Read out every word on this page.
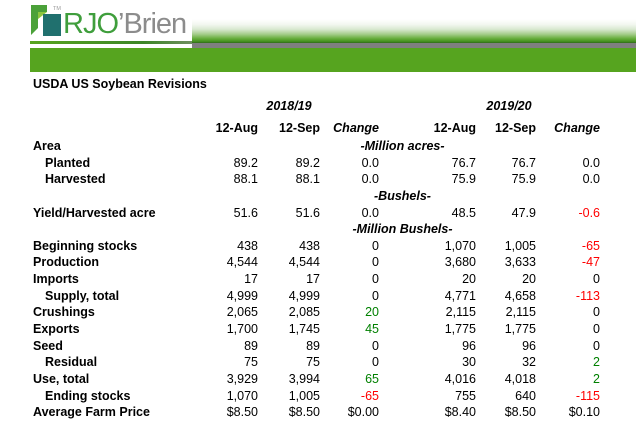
TM RJO’Brien
USDA US Soybean Revisions
2018/19	2019/20
12-Aug	12-Sep	Change	12-Aug	12-Sep	Change
Area	-Million acres-
Planted	89.2	89.2	0.0	76.7	76.7	0.0
Harvested	88.1	88.1	0.0	75.9	75.9	0.0
-Bushels-
Yield/Harvested acre	51.6	51.6	0.0	48.5	47.9	-0.6
-Million Bushels-
Beginning stocks	438	438	0	1,070	1,005	-65
Production	4,544	4,544	0	3,680	3,633	-47
Imports	17	17	0	20	20	0
Supply, total	4,999	4,999	0	4,771	4,658	-113
Crushings	2,065	2,085	20	2,115	2,115	0
Exports	1,700	1,745	45	1,775	1,775	0
Seed	89	89	0	96	96	0
Residual	75	75	0	30	32	2
Use, total	3,929	3,994	65	4,016	4,018	2
Ending stocks	1,070	1,005	-65	755	640	-115
Average Farm Price	$8.50	$8.50	$0.00	$8.40	$8.50	$0.10
